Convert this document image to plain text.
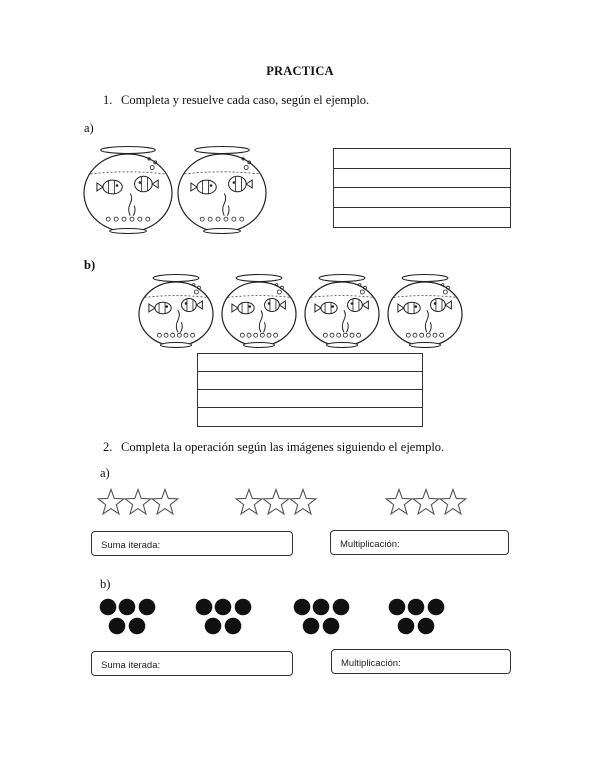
PRACTICA
1. Completa y resuelve cada caso, según el ejemplo.
a)
b)
2. Completa la operación según las imágenes siguiendo el ejemplo.
a)
Suma iterada:	Multiplicación:
b)
Suma iterada:	Multiplicación:
